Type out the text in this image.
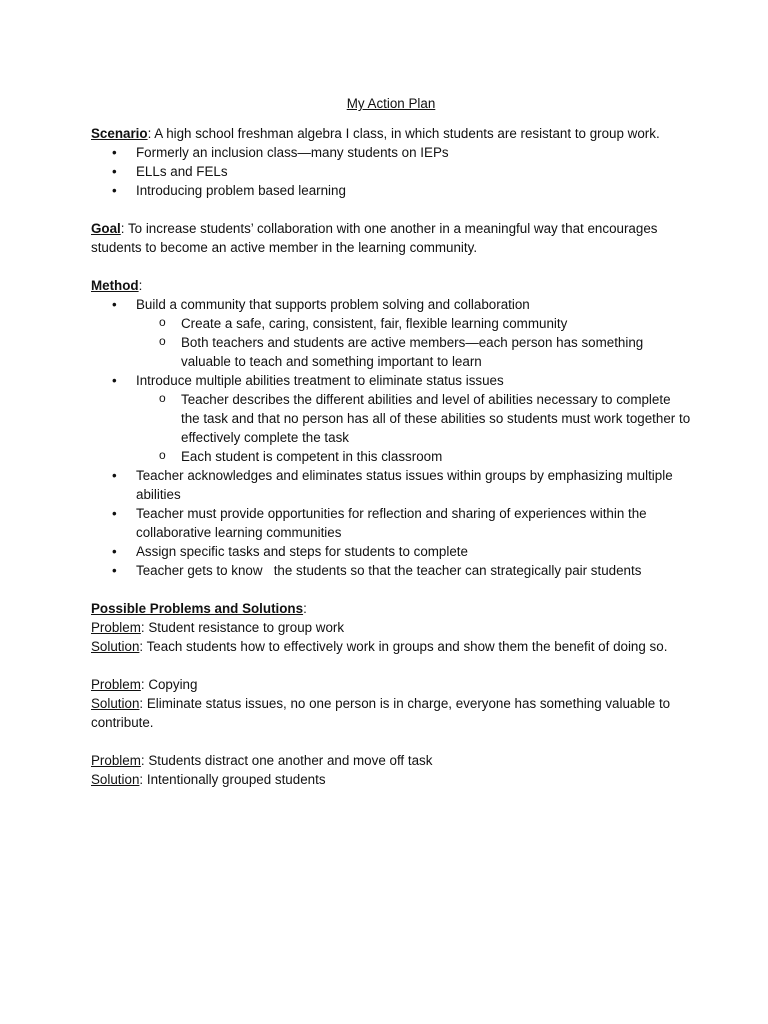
My Action Plan

Scenario: A high school freshman algebra I class, in which students are resistant to group work.

• Formerly an inclusion class—many students on IEPs
• ELLs and FELs
• Introducing problem based learning

Goal: To increase students’ collaboration with one another in a meaningful way that encourages students to become an active member in the learning community.

Method:

• Build a community that supports problem solving and collaboration
o Create a safe, caring, consistent, fair, flexible learning community
o Both teachers and students are active members—each person has something valuable to teach and something important to learn
• Introduce multiple abilities treatment to eliminate status issues
o Teacher describes the different abilities and level of abilities necessary to complete the task and that no person has all of these abilities so students must work together to effectively complete the task
o Each student is competent in this classroom
• Teacher acknowledges and eliminates status issues within groups by emphasizing multiple abilities
• Teacher must provide opportunities for reflection and sharing of experiences within the collaborative learning communities
• Assign specific tasks and steps for students to complete
• Teacher gets to know   the students so that the teacher can strategically pair students

Possible Problems and Solutions:

Problem: Student resistance to group work

Solution: Teach students how to effectively work in groups and show them the benefit of doing so.

Problem: Copying

Solution: Eliminate status issues, no one person is in charge, everyone has something valuable to contribute.

Problem: Students distract one another and move off task

Solution: Intentionally grouped students
